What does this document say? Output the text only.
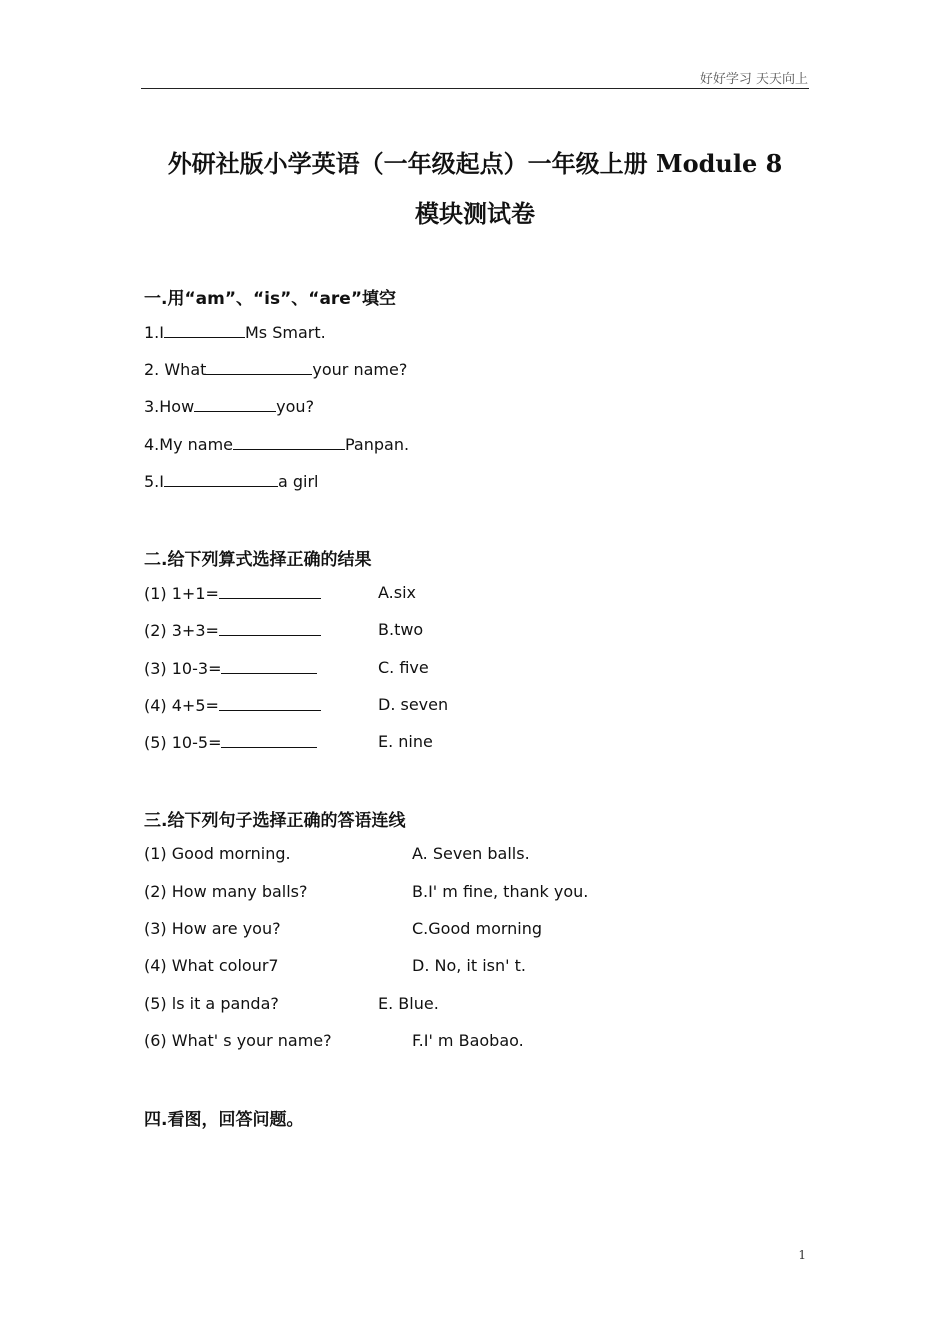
好好学习 天天向上
外研社版小学英语（一年级起点）一年级上册 Module 8
模块测试卷
一.用“am”、“is”、“are”填空
1.I	Ms Smart.
2. What	your name?
3.How	you?
4.My name	Panpan.
5.I	a girl
二.给下列算式选择正确的结果
(1) 1+1=	A.six
(2) 3+3=	B.two
(3) 10-3=	C. five
(4) 4+5=	D. seven
(5) 10-5=	E. nine
三.给下列句子选择正确的答语连线
(1) Good morning.	A. Seven balls.
(2) How many balls?	B.I' m fine, thank you.
(3) How are you?	C.Good morning
(4) What colour7	D. No, it isn' t.
(5) ls it a panda?	E. Blue.
(6) What' s your name?	F.I' m Baobao.
四.看图，回答问题。
1
